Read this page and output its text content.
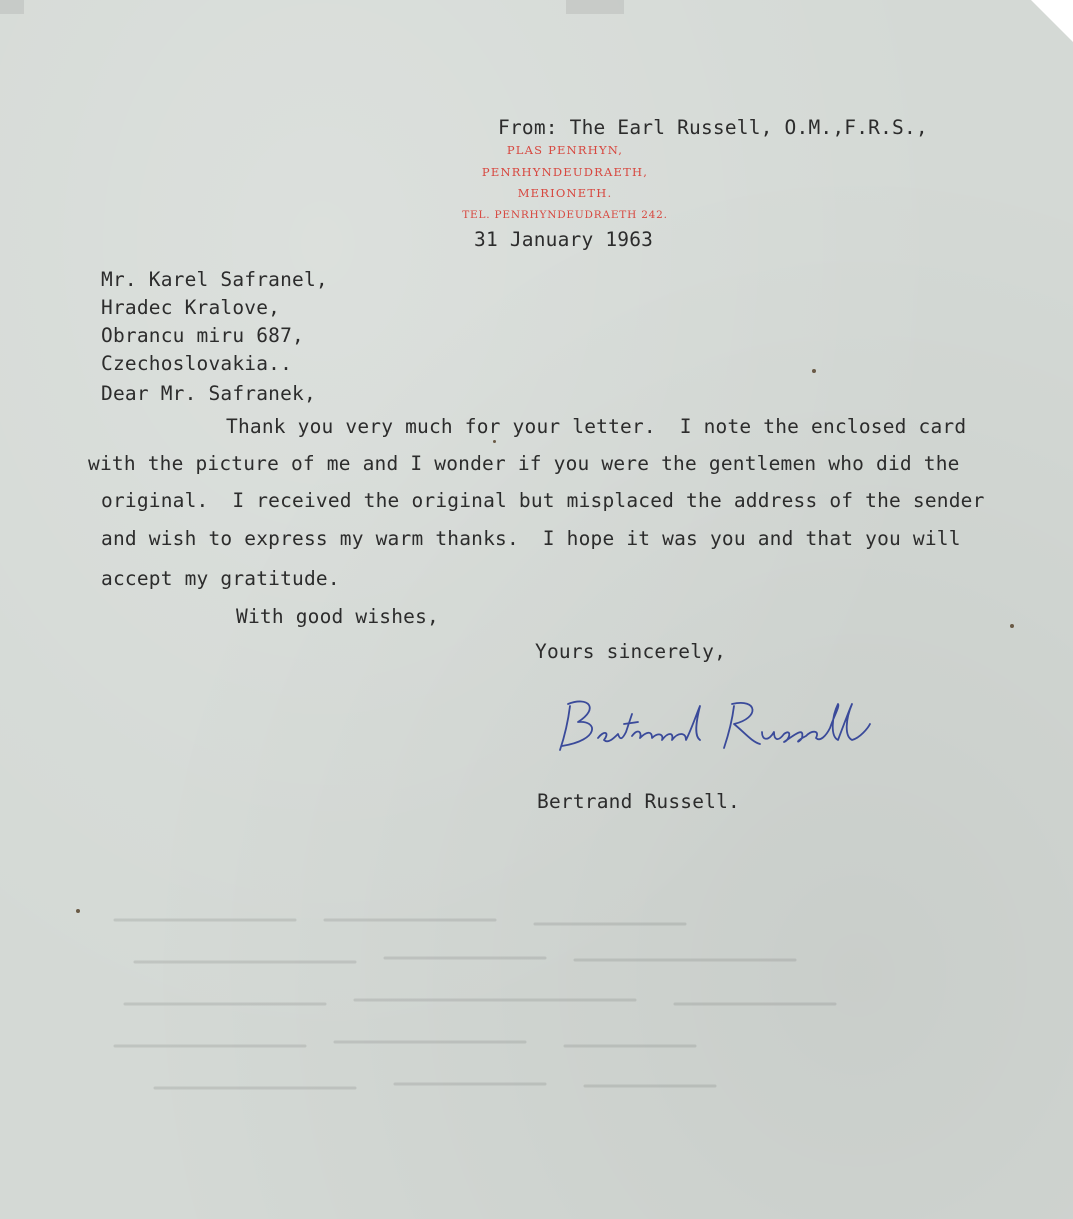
From: The Earl Russell, O.M.,F.R.S.,
PLAS PENRHYN,
PENRHYNDEUDRAETH,
MERIONETH.
TEL. PENRHYNDEUDRAETH 242.
31 January 1963
Mr. Karel Safranel,
Hradec Kralove,
Obrancu miru 687,
Czechoslovakia..
Dear Mr. Safranek,
Thank you very much for your letter.  I note the enclosed card
with the picture of me and I wonder if you were the gentlemen who did the
original.  I received the original but misplaced the address of the sender
and wish to express my warm thanks.  I hope it was you and that you will
accept my gratitude.
With good wishes,
Yours sincerely,
Bertrand Russell.
